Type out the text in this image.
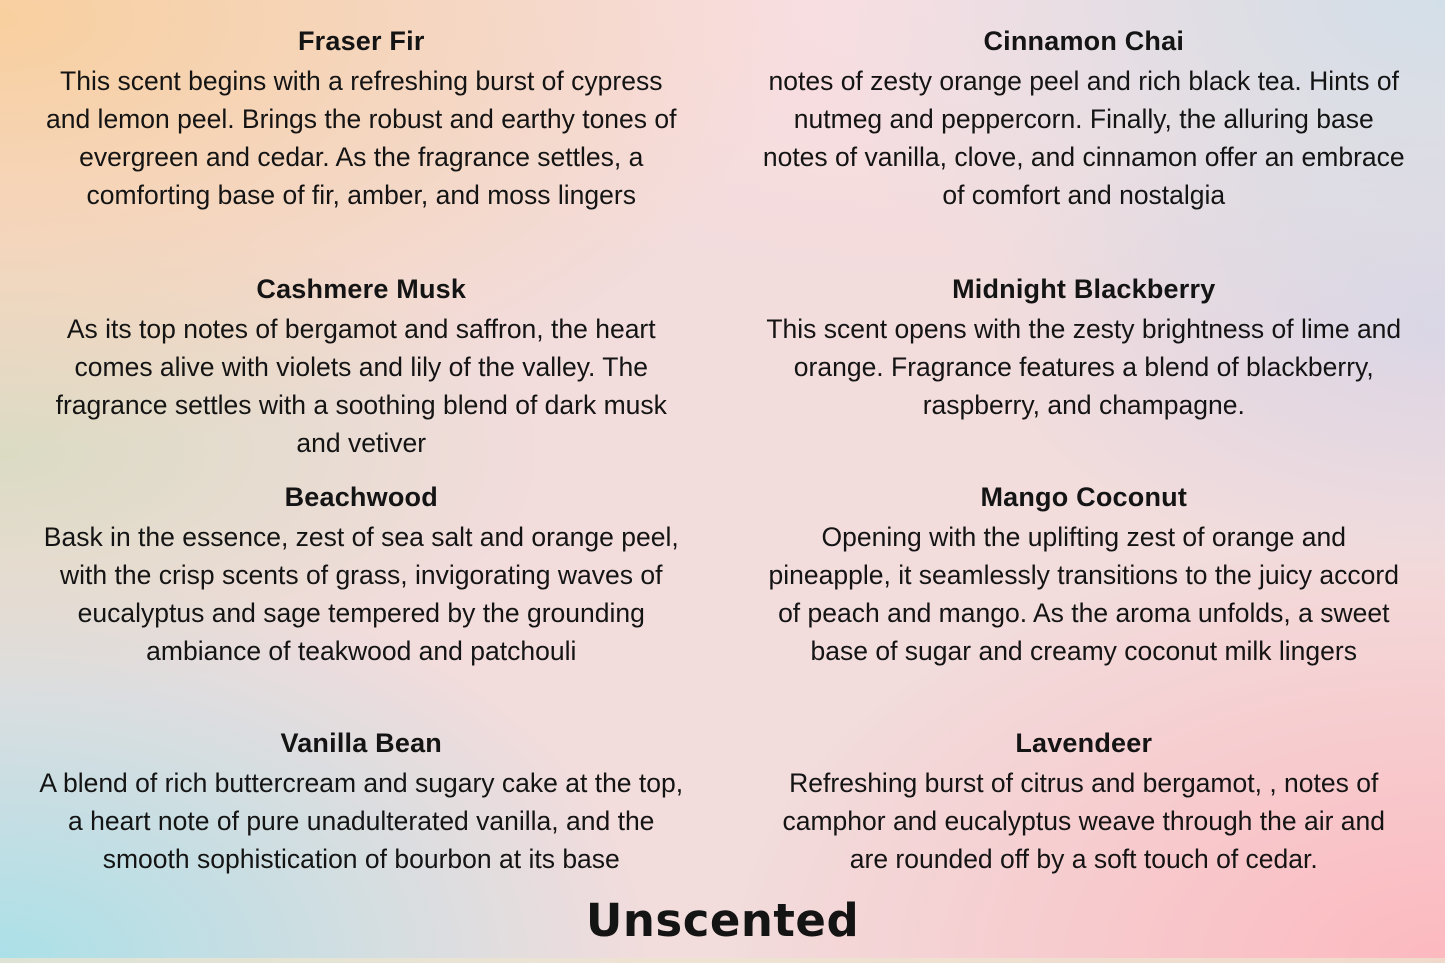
Fraser Fir

This scent begins with a refreshing burst of cypress and lemon peel. Brings the robust and earthy tones of evergreen and cedar. As the fragrance settles, a comforting base of fir, amber, and moss lingers

Cinnamon Chai

notes of zesty orange peel and rich black tea. Hints of nutmeg and peppercorn. Finally, the alluring base notes of vanilla, clove, and cinnamon offer an embrace of comfort and nostalgia

Cashmere Musk

As its top notes of bergamot and saffron, the heart comes alive with violets and lily of the valley. The fragrance settles with a soothing blend of dark musk and vetiver

Midnight Blackberry

This scent opens with the zesty brightness of lime and orange. Fragrance features a blend of blackberry, raspberry, and champagne.

Beachwood

Bask in the essence, zest of sea salt and orange peel, with the crisp scents of grass, invigorating waves of eucalyptus and sage tempered by the grounding ambiance of teakwood and patchouli

Mango Coconut

Opening with the uplifting zest of orange and pineapple, it seamlessly transitions to the juicy accord of peach and mango. As the aroma unfolds, a sweet base of sugar and creamy coconut milk lingers

Vanilla Bean

A blend of rich buttercream and sugary cake at the top, a heart note of pure unadulterated vanilla, and the smooth sophistication of bourbon at its base

Lavendeer

Refreshing burst of citrus and bergamot, , notes of camphor and eucalyptus weave through the air and are rounded off by a soft touch of cedar.

Unscented
